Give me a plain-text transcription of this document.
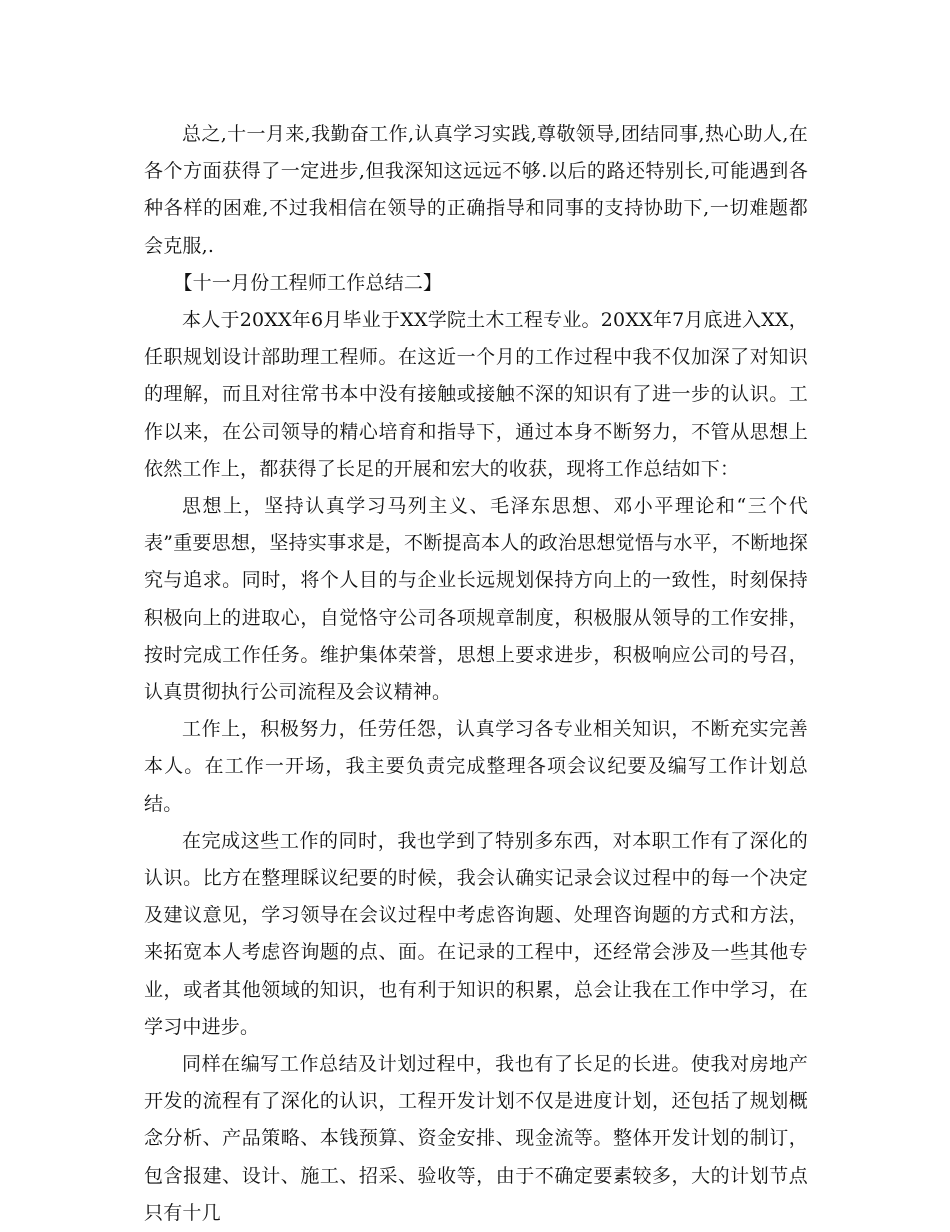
总之,十一月来,我勤奋工作,认真学习实践,尊敬领导,团结同事,热心助人,在各个方面获得了一定进步,但我深知这远远不够.以后的路还特别长,可能遇到各种各样的困难,不过我相信在领导的正确指导和同事的支持协助下,一切难题都会克服,.

【十一月份工程师工作总结二】

本人于20XX年6月毕业于XX学院土木工程专业。20XX年7月底进入XX，任职规划设计部助理工程师。在这近一个月的工作过程中我不仅加深了对知识的理解，而且对往常书本中没有接触或接触不深的知识有了进一步的认识。工作以来，在公司领导的精心培育和指导下，通过本身不断努力，不管从思想上依然工作上，都获得了长足的开展和宏大的收获，现将工作总结如下：

思想上，坚持认真学习马列主义、毛泽东思想、邓小平理论和“三个代表”重要思想，坚持实事求是，不断提高本人的政治思想觉悟与水平，不断地探究与追求。同时，将个人目的与企业长远规划保持方向上的一致性，时刻保持积极向上的进取心，自觉恪守公司各项规章制度，积极服从领导的工作安排，按时完成工作任务。维护集体荣誉，思想上要求进步，积极响应公司的号召，认真贯彻执行公司流程及会议精神。

工作上，积极努力，任劳任怨，认真学习各专业相关知识，不断充实完善本人。在工作一开场，我主要负责完成整理各项会议纪要及编写工作计划总结。

在完成这些工作的同时，我也学到了特别多东西，对本职工作有了深化的认识。比方在整理睬议纪要的时候，我会认确实记录会议过程中的每一个决定及建议意见，学习领导在会议过程中考虑咨询题、处理咨询题的方式和方法，来拓宽本人考虑咨询题的点、面。在记录的工程中，还经常会涉及一些其他专业，或者其他领域的知识，也有利于知识的积累，总会让我在工作中学习，在学习中进步。

同样在编写工作总结及计划过程中，我也有了长足的长进。使我对房地产开发的流程有了深化的认识，工程开发计划不仅是进度计划，还包括了规划概念分析、产品策略、本钱预算、资金安排、现金流等。整体开发计划的制订，包含报建、设计、施工、招采、验收等，由于不确定要素较多，大的计划节点只有十几
